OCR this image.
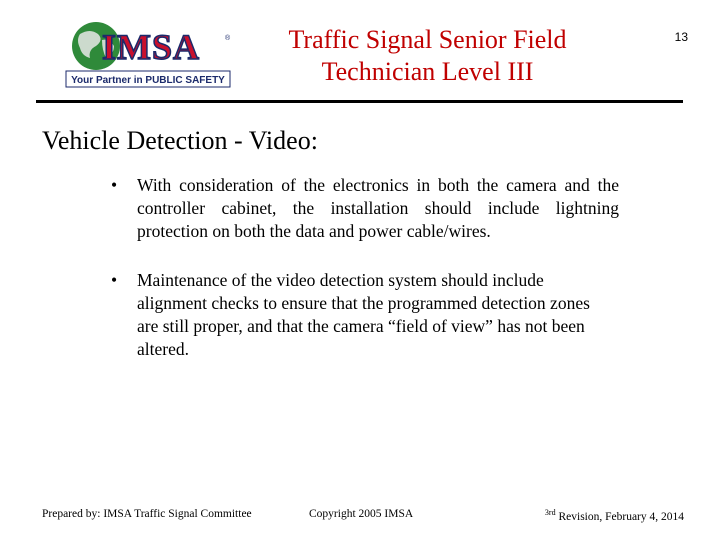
IMSA	®
Your Partner in PUBLIC SAFETY
Traffic Signal Senior Field
Technician Level III
13
Vehicle Detection - Video:
• With consideration of the electronics in both the camera and the controller cabinet, the installation should include lightning protection on both the data and power cable/wires.
• Maintenance of the video detection system should include alignment checks to ensure that the programmed detection zones are still proper, and that the camera “field of view” has not been altered.
Prepared by: IMSA Traffic Signal Committee	Copyright 2005 IMSA	$^{3rd}$ Revision, February 4, 2014
